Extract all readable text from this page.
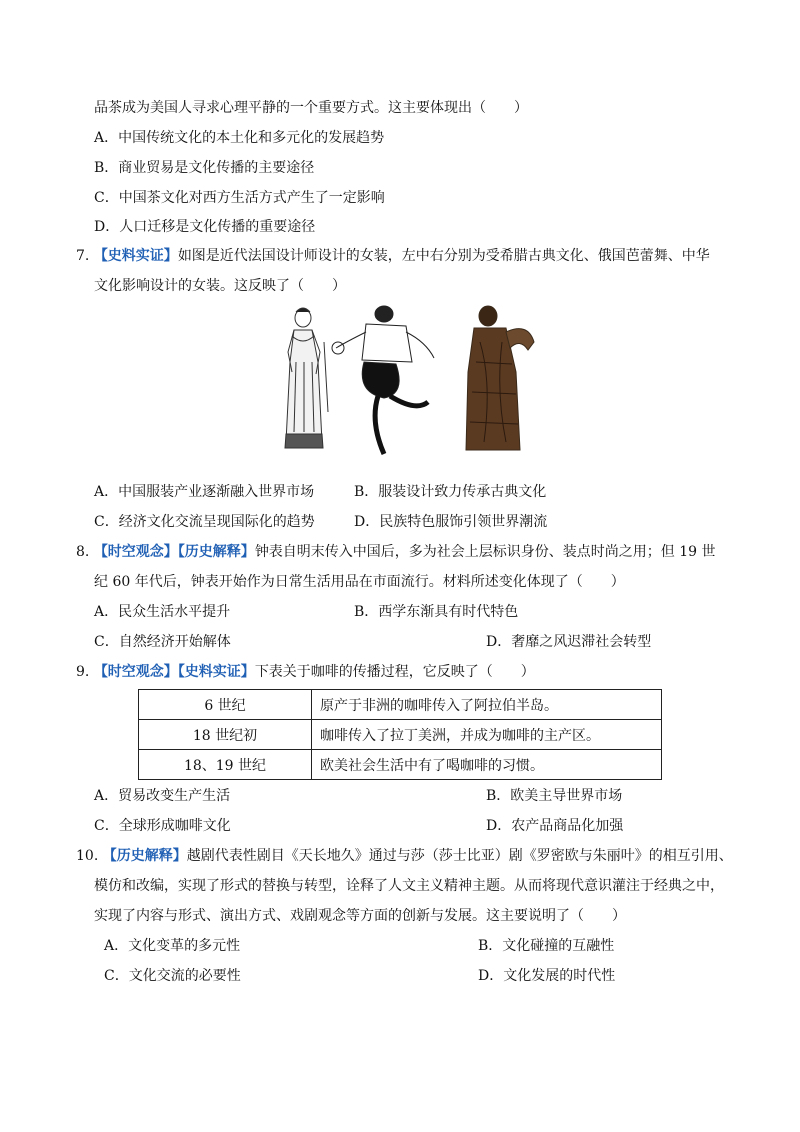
品茶成为美国人寻求心理平静的一个重要方式。这主要体现出（　　）
A．中国传统文化的本土化和多元化的发展趋势
B．商业贸易是文化传播的主要途径
C．中国茶文化对西方生活方式产生了一定影响
D．人口迁移是文化传播的重要途径
7. 【史料实证】如图是近代法国设计师设计的女装，左中右分别为受希腊古典文化、俄国芭蕾舞、中华
文化影响设计的女装。这反映了（　　）
A．中国服装产业逐渐融入世界市场	B．服装设计致力传承古典文化
C．经济文化交流呈现国际化的趋势	D．民族特色服饰引领世界潮流
8. 【时空观念】【历史解释】钟表自明末传入中国后，多为社会上层标识身份、装点时尚之用；但 19 世
纪 60 年代后，钟表开始作为日常生活用品在市面流行。材料所述变化体现了（　　）
A．民众生活水平提升	B．西学东渐具有时代特色
C．自然经济开始解体	D．奢靡之风迟滞社会转型
9. 【时空观念】【史料实证】下表关于咖啡的传播过程，它反映了（　　）
6 世纪	原产于非洲的咖啡传入了阿拉伯半岛。
18 世纪初	咖啡传入了拉丁美洲，并成为咖啡的主产区。
18、19 世纪	欧美社会生活中有了喝咖啡的习惯。
A．贸易改变生产生活	B．欧美主导世界市场
C．全球形成咖啡文化	D．农产品商品化加强
10. 【历史解释】越剧代表性剧目《天长地久》通过与莎（莎士比亚）剧《罗密欧与朱丽叶》的相互引用、
模仿和改编，实现了形式的替换与转型，诠释了人文主义精神主题。从而将现代意识灌注于经典之中，
实现了内容与形式、演出方式、戏剧观念等方面的创新与发展。这主要说明了（　　）
A．文化变革的多元性	B．文化碰撞的互融性
C．文化交流的必要性	D．文化发展的时代性
